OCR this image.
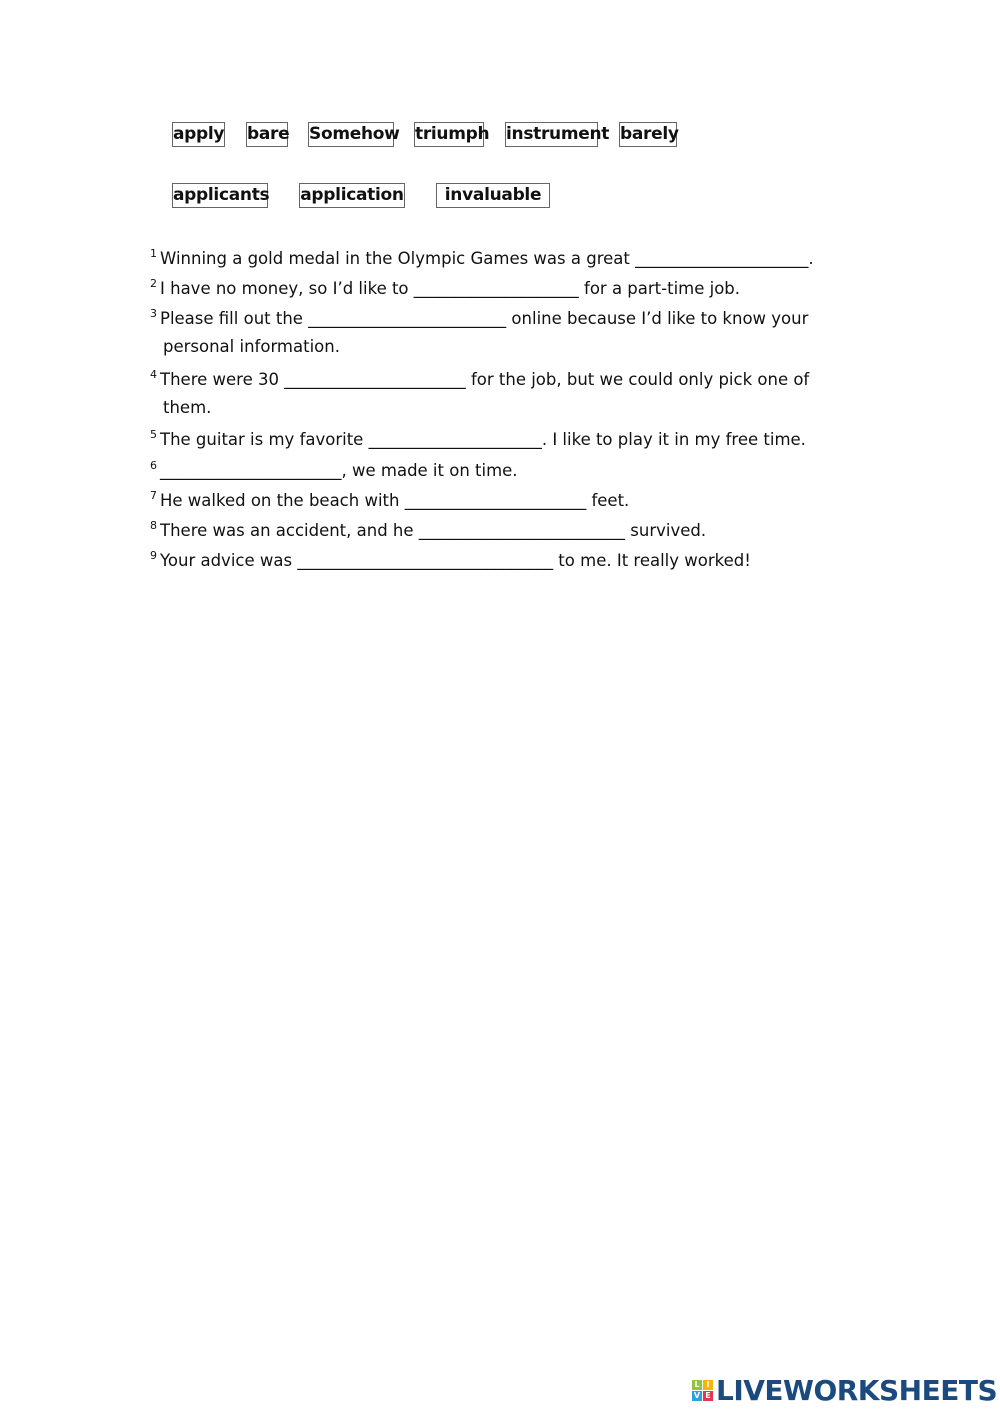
apply bare Somehow triumph instrument barely
applicants application	invaluable
$^1$ Winning a gold medal in the Olympic Games was a great _____________________.
$^2$ I have no money, so I’d like to ____________________ for a part-time job.
$^3$ Please fill out the ________________________ online because I’d like to know your
personal information.
$^4$ There were 30 ______________________ for the job, but we could only pick one of
them.
$^5$ The guitar is my favorite _____________________. I like to play it in my free time.
$^6$ ______________________, we made it on time.
$^7$ He walked on the beach with ______________________ feet.
$^8$ There was an accident, and he _________________________ survived.
$^9$ Your advice was _______________________________ to me. It really worked!
L I
V E LIVEWORKSHEETS
